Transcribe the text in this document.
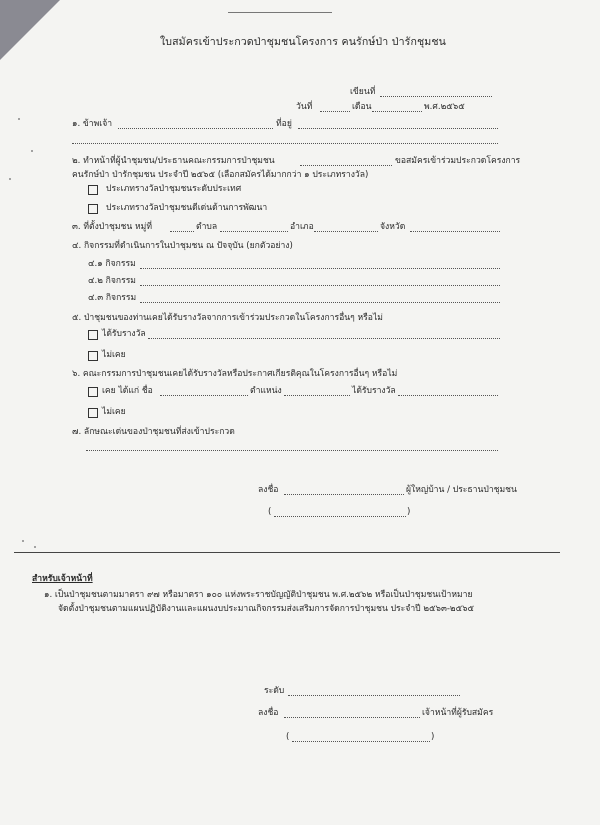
ใบสมัครเข้าประกวดป่าชุมชนโครงการ คนรักษ์ป่า ป่ารักชุมชน
เขียนที่
วันที่	เดือน	พ.ศ.๒๕๖๕
๑. ข้าพเจ้า	ที่อยู่
๒. ทำหน้าที่ผู้นำชุมชน/ประธานคณะกรรมการป่าชุมชน	ขอสมัครเข้าร่วมประกวดโครงการ
คนรักษ์ป่า ป่ารักชุมชน ประจำปี ๒๕๖๕ (เลือกสมัครได้มากกว่า ๑ ประเภทรางวัล)
ประเภทรางวัลป่าชุมชนระดับประเทศ
ประเภทรางวัลป่าชุมชนดีเด่นด้านการพัฒนา
๓. ที่ตั้งป่าชุมชน หมู่ที่	ตำบล	อำเภอ	จังหวัด
๔. กิจกรรมที่ดำเนินการในป่าชุมชน ณ ปัจจุบัน (ยกตัวอย่าง)
๔.๑ กิจกรรม
๔.๒ กิจกรรม
๔.๓ กิจกรรม
๕. ป่าชุมชนของท่านเคยได้รับรางวัลจากการเข้าร่วมประกวดในโครงการอื่นๆ หรือไม่
ได้รับรางวัล
ไม่เคย
๖. คณะกรรมการป่าชุมชนเคยได้รับรางวัลหรือประกาศเกียรติคุณในโครงการอื่นๆ หรือไม่
เคย ได้แก่ ชื่อ	ตำแหน่ง	ได้รับรางวัล
ไม่เคย
๗. ลักษณะเด่นของป่าชุมชนที่ส่งเข้าประกวด
ลงชื่อ	ผู้ใหญ่บ้าน / ประธานป่าชุมชน
(	)
สำหรับเจ้าหน้าที่
๑. เป็นป่าชุมชนตามมาตรา ๙๗ หรือมาตรา ๑๐๐ แห่งพระราชบัญญัติป่าชุมชน พ.ศ.๒๕๖๒ หรือเป็นป่าชุมชนเป้าหมาย
จัดตั้งป่าชุมชนตามแผนปฏิบัติงานและแผนงบประมาณกิจกรรมส่งเสริมการจัดการป่าชุมชน ประจำปี ๒๕๖๓-๒๕๖๕
ระดับ
ลงชื่อ	เจ้าหน้าที่ผู้รับสมัคร
(	)
